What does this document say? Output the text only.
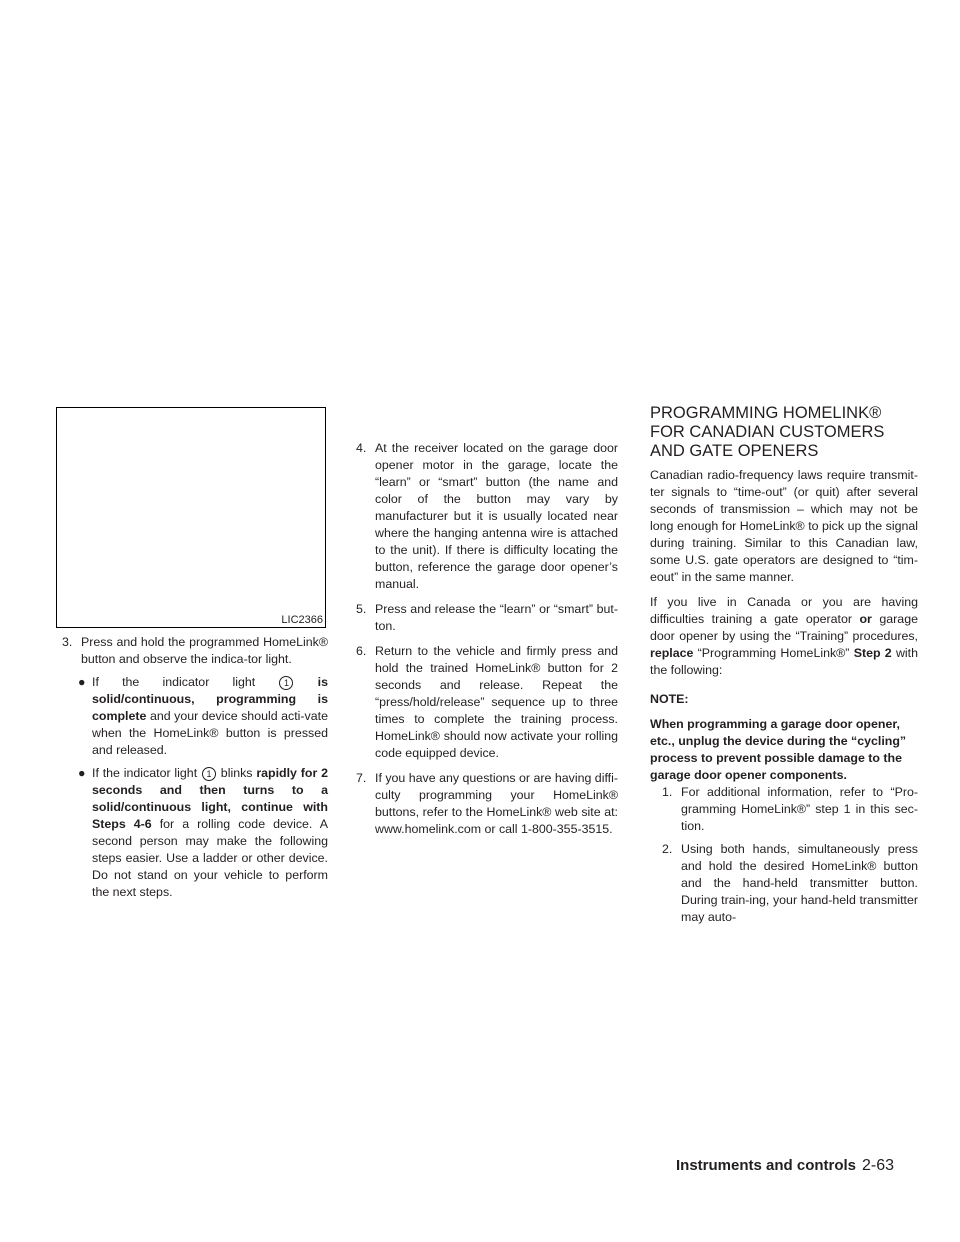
LIC2366

3. Press and hold the programmed HomeLink® button and observe the indica-tor light.

● If the indicator light	1 is solid/continuous, programming is complete and your device should acti-vate when the HomeLink® button is pressed and released.

● If the indicator light 1 blinks rapidly for 2 seconds and then turns to a solid/continuous light, continue with Steps 4-6 for a rolling code device. A second person may make the following steps easier. Use a ladder or other device. Do not stand on your vehicle to perform the next steps.

4. At the receiver located on the garage door opener motor in the garage, locate the “learn” or “smart” button (the name and color of the button may vary by manufacturer but it is usually located near where the hanging antenna wire is attached to the unit). If there is difficulty locating the button, reference the garage door opener’s manual.

5. Press and release the “learn” or “smart” but-ton.

6. Return to the vehicle and firmly press and hold the trained HomeLink® button for 2 seconds and release. Repeat the “press/hold/release” sequence up to three times to complete the training process. HomeLink® should now activate your rolling code equipped device.

7. If you have any questions or are having diffi-culty programming your HomeLink® buttons, refer to the HomeLink® web site at: www.homelink.com or call 1-800-355-3515.

PROGRAMMING HOMELINK® FOR CANADIAN CUSTOMERS AND GATE OPENERS

Canadian radio-frequency laws require transmit-ter signals to “time-out” (or quit) after several seconds of transmission – which may not be long enough for HomeLink® to pick up the signal during training. Similar to this Canadian law, some U.S. gate operators are designed to “tim-eout” in the same manner.

If you live in Canada or you are having difficulties training a gate operator or garage door opener by using the “Training” procedures, replace “Programming HomeLink®” Step 2 with the following:

NOTE:

When programming a garage door opener, etc., unplug the device during the “cycling” process to prevent possible damage to the garage door opener components.

1. For additional information, refer to “Pro-gramming HomeLink®” step 1 in this sec-tion.

2. Using both hands, simultaneously press and hold the desired HomeLink® button and the hand-held transmitter button. During train-ing, your hand-held transmitter may auto-

Instruments and controls 2-63
